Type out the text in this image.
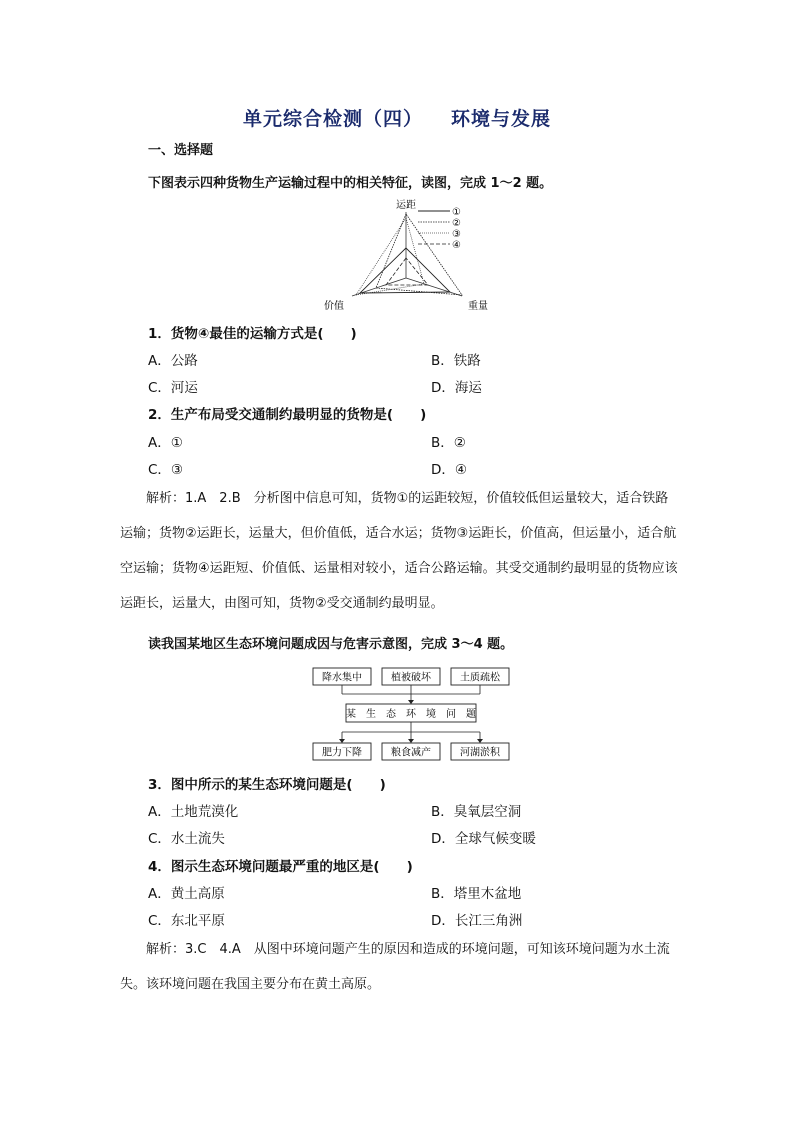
单元综合检测（四） 环境与发展
一、选择题
下图表示四种货物生产运输过程中的相关特征，读图，完成 1～2 题。
运距
价值	重量
①
②
③
④
1．货物④最佳的运输方式是(　　)
A．公路	B．铁路
C．河运	D．海运
2．生产布局受交通制约最明显的货物是(　　)
A．①	B．②
C．③	D．④
解析：1.A　2.B　分析图中信息可知，货物①的运距较短，价值较低但运量较大，适合铁路运输；货物②运距长，运量大，但价值低，适合水运；货物③运距长，价值高，但运量小，适合航空运输；货物④运距短、价值低、运量相对较小，适合公路运输。其受交通制约最明显的货物应该运距长，运量大，由图可知，货物②受交通制约最明显。
读我国某地区生态环境问题成因与危害示意图，完成 3～4 题。
降水集中	植被破坏	土质疏松
某　生　态　环　境　问　题
肥力下降	粮食减产	河湖淤积
3．图中所示的某生态环境问题是(　　)
A．土地荒漠化	B．臭氧层空洞
C．水土流失	D．全球气候变暖
4．图示生态环境问题最严重的地区是(　　)
A．黄土高原	B．塔里木盆地
C．东北平原	D．长江三角洲
解析：3.C　4.A　从图中环境问题产生的原因和造成的环境问题，可知该环境问题为水土流失。该环境问题在我国主要分布在黄土高原。
